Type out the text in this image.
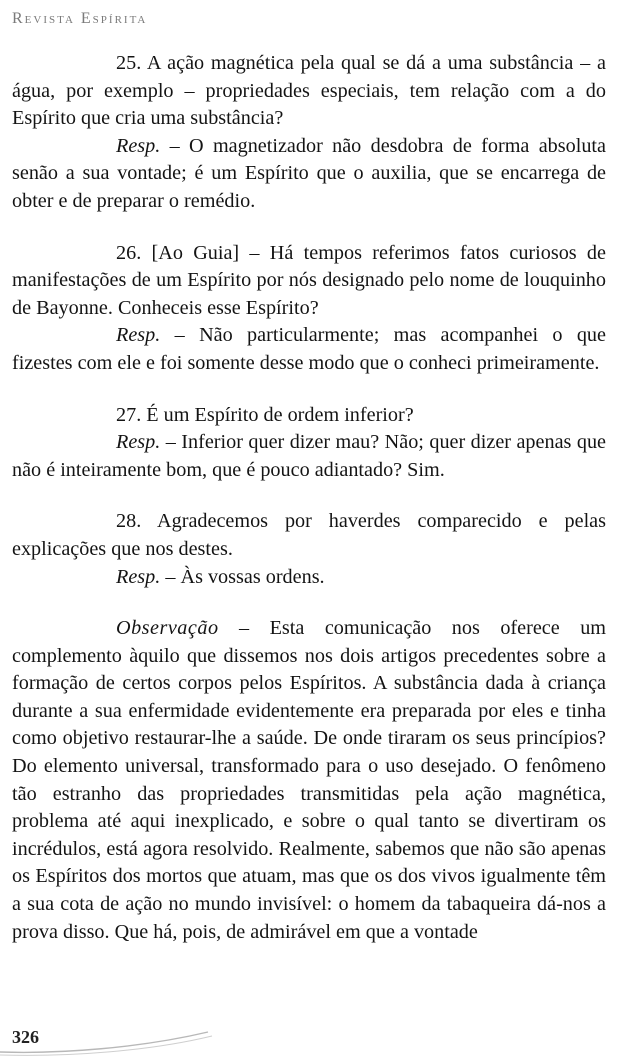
Revista Espírita

25. A ação magnética pela qual se dá a uma substância – a água, por exemplo – propriedades especiais, tem relação com a do Espírito que cria uma substância?

Resp. – O magnetizador não desdobra de forma absoluta senão a sua vontade; é um Espírito que o auxilia, que se encarrega de obter e de preparar o remédio.

26. [Ao Guia] – Há tempos referimos fatos curiosos de manifestações de um Espírito por nós designado pelo nome de louquinho de Bayonne. Conheceis esse Espírito?

Resp. – Não particularmente; mas acompanhei o que fizestes com ele e foi somente desse modo que o conheci primeiramente.

27. É um Espírito de ordem inferior?

Resp. – Inferior quer dizer mau? Não; quer dizer apenas que não é inteiramente bom, que é pouco adiantado? Sim.

28. Agradecemos por haverdes comparecido e pelas explicações que nos destes.

Resp. – Às vossas ordens.

Observação – Esta comunicação nos oferece um complemento àquilo que dissemos nos dois artigos precedentes sobre a formação de certos corpos pelos Espíritos. A substância dada à criança durante a sua enfermidade evidentemente era preparada por eles e tinha como objetivo restaurar-lhe a saúde. De onde tiraram os seus princípios? Do elemento universal, transformado para o uso desejado. O fenômeno tão estranho das propriedades transmitidas pela ação magnética, problema até aqui inexplicado, e sobre o qual tanto se divertiram os incrédulos, está agora resolvido. Realmente, sabemos que não são apenas os Espíritos dos mortos que atuam, mas que os dos vivos igualmente têm a sua cota de ação no mundo invisível: o homem da tabaqueira dá-nos a prova disso. Que há, pois, de admirável em que a vontade

326
